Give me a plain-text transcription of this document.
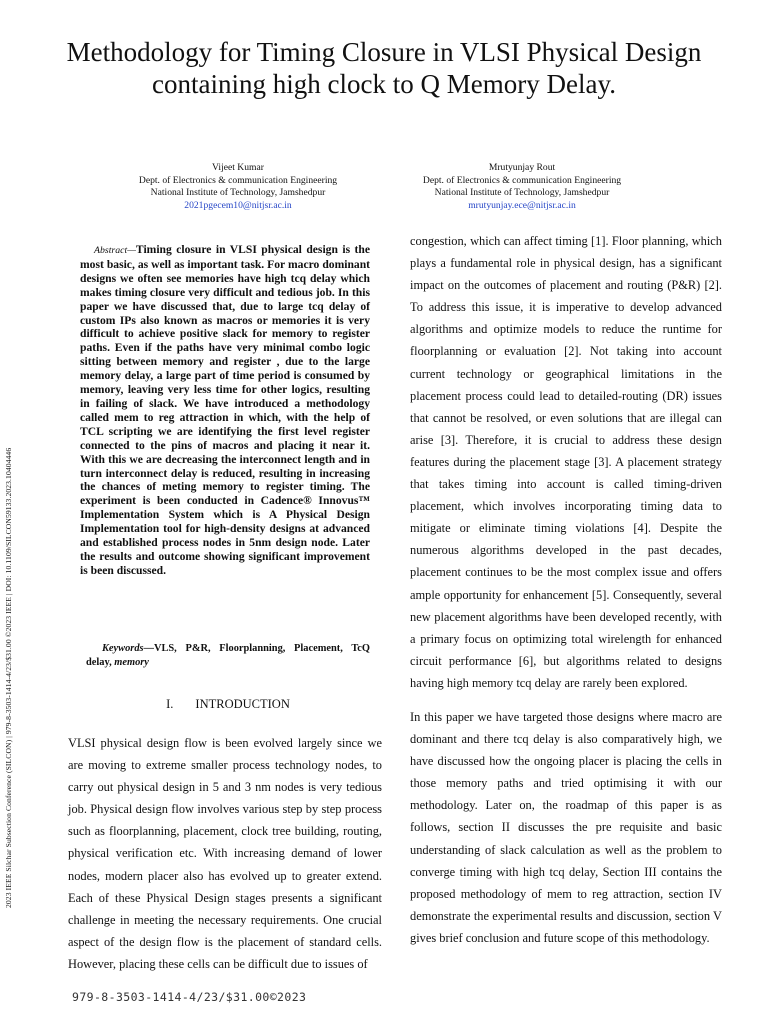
Methodology for Timing Closure in VLSI Physical Design containing high clock to Q Memory Delay.
Vijeet Kumar
Dept. of Electronics & communication Engineering
National Institute of Technology, Jamshedpur
2021pgecem10@nitjsr.ac.in
Mrutyunjay Rout
Dept. of Electronics & communication Engineering
National Institute of Technology, Jamshedpur
mrutyunjay.ece@nitjsr.ac.in
2023 IEEE Silchar Subsection Conference (SILCON) | 979-8-3503-1414-4/23/$31.00 ©2023 IEEE | DOI: 10.1109/SILCON59133.2023.10404446
Abstract—Timing closure in VLSI physical design is the most basic, as well as important task. For macro dominant designs we often see memories have high tcq delay which makes timing closure very difficult and tedious job. In this paper we have discussed that, due to large tcq delay of custom IPs also known as macros or memories it is very difficult to achieve positive slack for memory to register paths. Even if the paths have very minimal combo logic sitting between memory and register , due to the large memory delay, a large part of time period is consumed by memory, leaving very less time for other logics, resulting in failing of slack. We have introduced a methodology called mem to reg attraction in which, with the help of TCL scripting we are identifying the first level register connected to the pins of macros and placing it near it. With this we are decreasing the interconnect length and in turn interconnect delay is reduced, resulting in increasing the chances of meting memory to register timing. The experiment is been conducted in Cadence® Innovus™ Implementation System which is A Physical Design Implementation tool for high-density designs at advanced and established process nodes in 5nm design node. Later the results and outcome showing significant improvement is been discussed.
Keywords—VLS, P&R, Floorplanning, Placement, TcQ delay, memory
I. INTRODUCTION

VLSI physical design flow is been evolved largely since we are moving to extreme smaller process technology nodes, to carry out physical design in 5 and 3 nm nodes is very tedious job. Physical design flow involves various step by step process such as floorplanning, placement, clock tree building, routing, physical verification etc. With increasing demand of lower nodes, modern placer also has evolved up to greater extend. Each of these Physical Design stages presents a significant challenge in meeting the necessary requirements. One crucial aspect of the design flow is the placement of standard cells. However, placing these cells can be difficult due to issues of

congestion, which can affect timing [1]. Floor planning, which plays a fundamental role in physical design, has a significant impact on the outcomes of placement and routing (P&R) [2]. To address this issue, it is imperative to develop advanced algorithms and optimize models to reduce the runtime for floorplanning or evaluation [2]. Not taking into account current technology or geographical limitations in the placement process could lead to detailed-routing (DR) issues that cannot be resolved, or even solutions that are illegal can arise [3]. Therefore, it is crucial to address these design features during the placement stage [3]. A placement strategy that takes timing into account is called timing-driven placement, which involves incorporating timing data to mitigate or eliminate timing violations [4]. Despite the numerous algorithms developed in the past decades, placement continues to be the most complex issue and offers ample opportunity for enhancement [5]. Consequently, several new placement algorithms have been developed recently, with a primary focus on optimizing total wirelength for enhanced circuit performance [6], but algorithms related to designs having high memory tcq delay are rarely been explored.

In this paper we have targeted those designs where macro are dominant and there tcq delay is also comparatively high, we have discussed how the ongoing placer is placing the cells in those memory paths and tried optimising it with our methodology. Later on, the roadmap of this paper is as follows, section II discusses the pre requisite and basic understanding of slack calculation as well as the problem to converge timing with high tcq delay, Section III contains the proposed methodology of mem to reg attraction, section IV demonstrate the experimental results and discussion, section V gives brief conclusion and future scope of this methodology.

979-8-3503-1414-4/23/$31.00©2023
